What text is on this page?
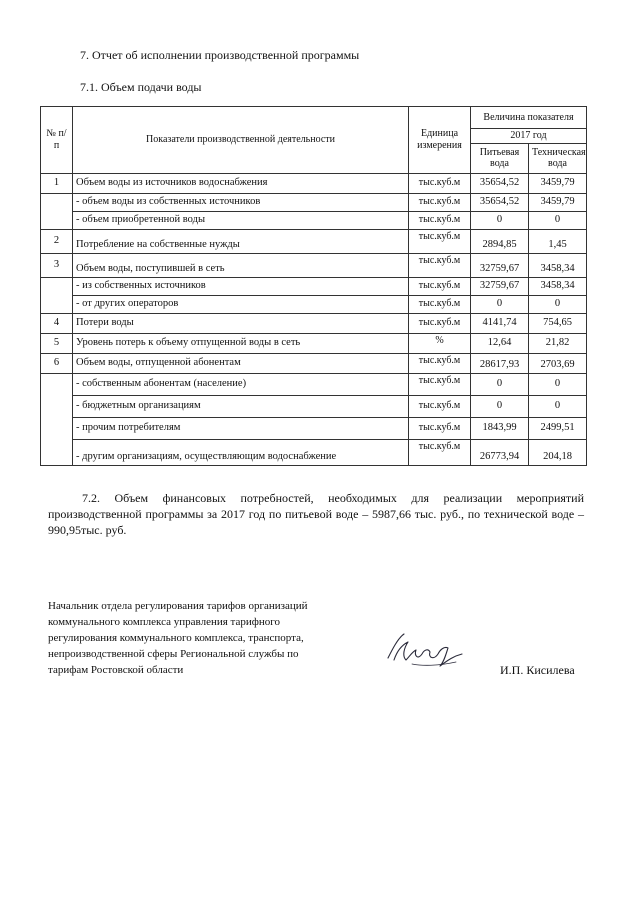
7. Отчет об исполнении производственной программы
7.1. Объем подачи воды
№ п/п	Показатели производственной деятельности	Единица измерения	Величина показателя	
			2017 год	
			Питьевая вода	Техническая вода
1	Объем воды из источников водоснабжения	тыс.куб.м	35654,52	3459,79
	- объем воды из собственных источников	тыс.куб.м	35654,52	3459,79
	- объем приобретенной воды	тыс.куб.м	0	0
2	Потребление на собственные нужды	тыс.куб.м	2894,85	1,45
3	Объем воды, поступившей в сеть	тыс.куб.м	32759,67	3458,34
	- из собственных источников	тыс.куб.м	32759,67	3458,34
	- от других операторов	тыс.куб.м	0	0
4	Потери воды	тыс.куб.м	4141,74	754,65
5	Уровень потерь к объему отпущенной воды в сеть	%	12,64	21,82
6	Объем воды, отпущенной абонентам	тыс.куб.м	28617,93	2703,69
	- собственным абонентам (население)	тыс.куб.м	0	0
	- бюджетным организациям	тыс.куб.м	0	0
	- прочим потребителям	тыс.куб.м	1843,99	2499,51
	- другим организациям, осуществляющим водоснабжение	тыс.куб.м	26773,94	204,18
7.2. Объем финансовых потребностей, необходимых для реализации мероприятий производственной программы за 2017 год по питьевой воде – 5987,66 тыс. руб., по технической воде – 990,95тыс. руб.
Начальник отдела регулирования тарифов организаций
коммунального комплекса управления тарифного
регулирования коммунального комплекса, транспорта,
непроизводственной сферы Региональной службы по
тарифам Ростовской области	И.П. Кисилева
